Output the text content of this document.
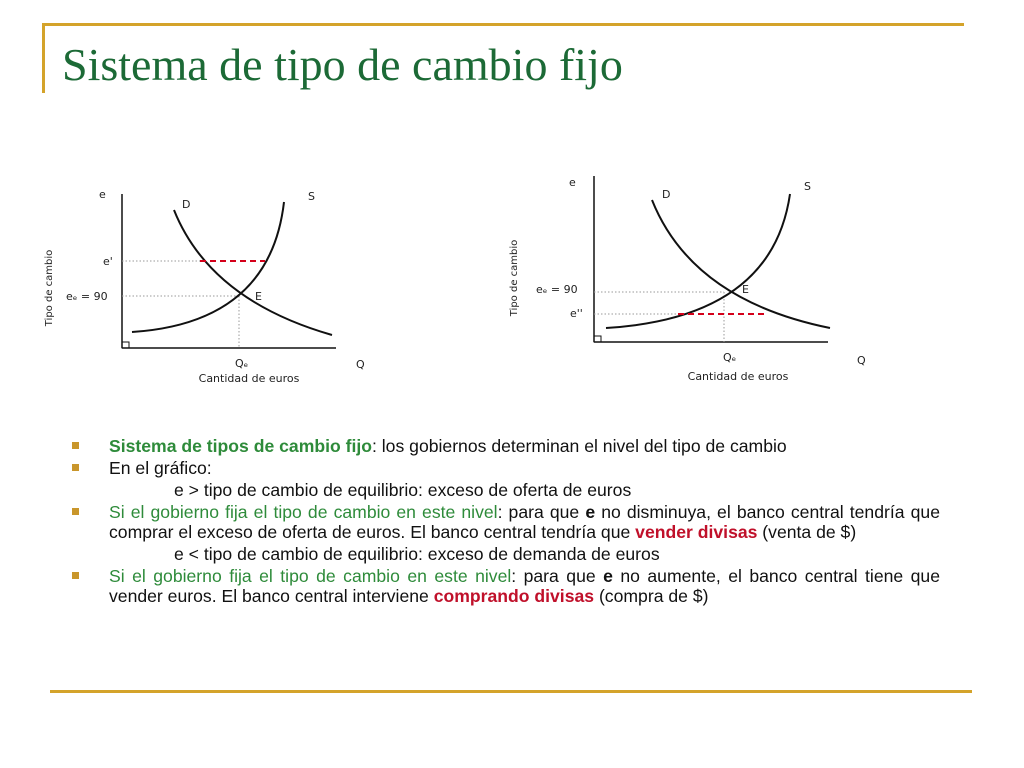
Sistema de tipo de cambio fijo
Tipo de cambio
e
D
S
e'
eₑ = 90	E
Qₑ	Q
Cantidad de euros
Tipo de cambio
e
D
S
eₑ = 90
e''
E
Qₑ	Q
Cantidad de euros
Sistema de tipos de cambio fijo: los gobiernos determinan el nivel del tipo de cambio
En el gráfico:
e > tipo de cambio de equilibrio: exceso de oferta de euros
Si el gobierno fija el tipo de cambio en este nivel: para que e no disminuya, el banco central tendría que comprar el exceso de oferta de euros. El banco central tendría que vender divisas (venta de $)
e < tipo de cambio de equilibrio: exceso de demanda de euros
Si el gobierno fija el tipo de cambio en este nivel: para que e no aumente, el banco central tiene que vender euros. El banco central interviene comprando divisas (compra de $)
